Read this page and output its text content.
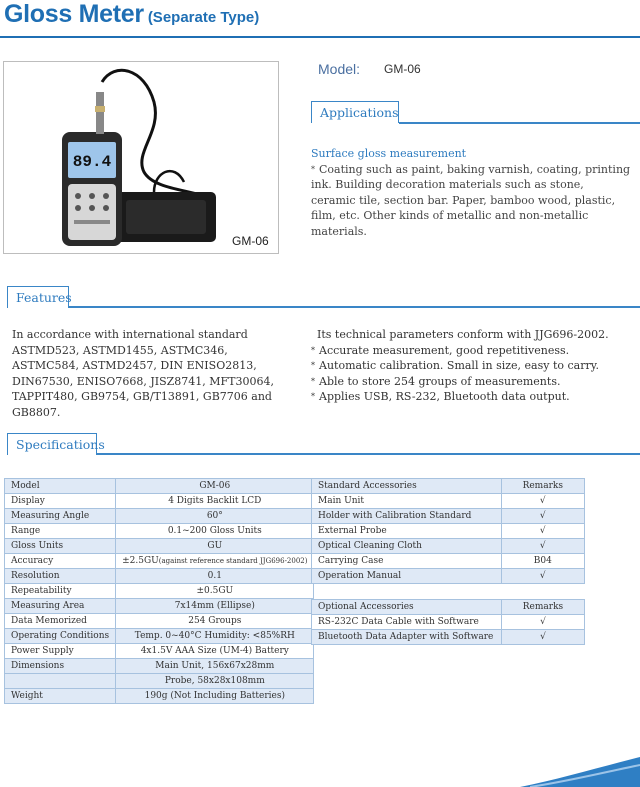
Gloss Meter (Separate Type)
89.4
GM-06
Model: GM-06
Applications
Surface gloss measurement
* Coating such as paint, baking varnish, coating, printing ink. Building decoration materials such as stone, ceramic tile, section bar. Paper, bamboo wood, plastic, film, etc. Other kinds of metallic and non-metallic materials.
Features

In accordance with international standard ASTMD523, ASTMD1455, ASTMC346, ASTMC584, ASTMD2457, DIN ENISO2813, DIN67530, ENISO7668, JISZ8741, MFT30064, TAPPIT480, GB9754, GB/T13891, GB7706 and GB8807.

Its technical parameters conform with JJG696-2002.

* Accurate measurement, good repetitiveness.

* Automatic calibration. Small in size, easy to carry.

* Able to store 254 groups of measurements.

* Applies USB, RS-232, Bluetooth data output.

Specifications
Model	GM-06
Display	4 Digits Backlit LCD
Measuring Angle	60°
Range	0.1~200 Gloss Units
Gloss Units	GU
Accuracy	±2.5GU(against reference standard JJG696-2002)
Resolution	0.1
Repeatability	±0.5GU
Measuring Area	7x14mm (Ellipse)
Data Memorized	254 Groups
Operating Conditions	Temp. 0~40°C Humidity: <85%RH
Power Supply	4x1.5V AAA Size (UM-4) Battery
Dimensions	Main Unit, 156x67x28mm
	Probe, 58x28x108mm
Weight	190g (Not Including Batteries)
Standard Accessories	Remarks
Main Unit	√
Holder with Calibration Standard	√
External Probe	√
Optical Cleaning Cloth	√
Carrying Case	B04
Operation Manual	√
Optional Accessories	Remarks
RS-232C Data Cable with Software	√
Bluetooth Data Adapter with Software	√
